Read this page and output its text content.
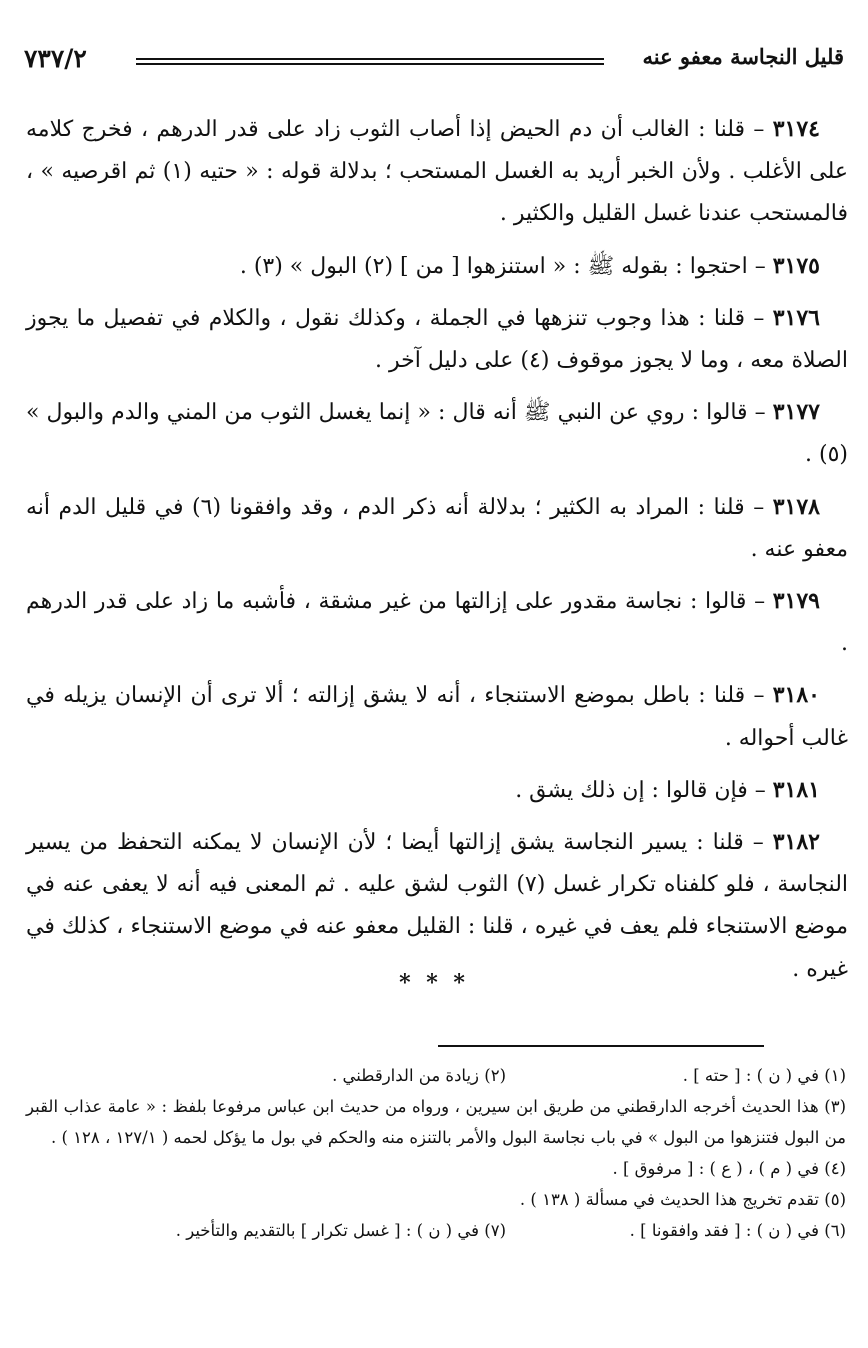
قليل النجاسة معفو عنه
٧٣٧/٢

٣١٧٤ – قلنا : الغالب أن دم الحيض إذا أصاب الثوب زاد على قدر الدرهم ، فخرج كلامه على الأغلب . ولأن الخبر أريد به الغسل المستحب ؛ بدلالة قوله : « حتيه (١) ثم اقرصيه » ، فالمستحب عندنا غسل القليل والكثير .

٣١٧٥ – احتجوا : بقوله ﷺ : « استنزهوا [ من ] (٢) البول » (٣) .

٣١٧٦ – قلنا : هذا وجوب تنزهها في الجملة ، وكذلك نقول ، والكلام في تفصيل ما يجوز الصلاة معه ، وما لا يجوز موقوف (٤) على دليل آخر .

٣١٧٧ – قالوا : روي عن النبي ﷺ أنه قال : « إنما يغسل الثوب من المني والدم والبول » (٥) .

٣١٧٨ – قلنا : المراد به الكثير ؛ بدلالة أنه ذكر الدم ، وقد وافقونا (٦) في قليل الدم أنه معفو عنه .

٣١٧٩ – قالوا : نجاسة مقدور على إزالتها من غير مشقة ، فأشبه ما زاد على قدر الدرهم .

٣١٨٠ – قلنا : باطل بموضع الاستنجاء ، أنه لا يشق إزالته ؛ ألا ترى أن الإنسان يزيله في غالب أحواله .

٣١٨١ – فإن قالوا : إن ذلك يشق .

٣١٨٢ – قلنا : يسير النجاسة يشق إزالتها أيضا ؛ لأن الإنسان لا يمكنه التحفظ من يسير النجاسة ، فلو كلفناه تكرار غسل (٧) الثوب لشق عليه . ثم المعنى فيه أنه لا يعفى عنه في موضع الاستنجاء فلم يعف في غيره ، قلنا : القليل معفو عنه في موضع الاستنجاء ، كذلك في غيره .

* * *
(١) في ( ن ) : [ حته ] .
(٢) زيادة من الدارقطني .
(٣) هذا الحديث أخرجه الدارقطني من طريق ابن سيرين ، ورواه من حديث ابن عباس مرفوعا بلفظ : « عامة عذاب القبر من البول فتنزهوا من البول » في باب نجاسة البول والأمر بالتنزه منه والحكم في بول ما يؤكل لحمه ( ١٢٧/١ ، ١٢٨ ) .
(٤) في ( م ) ، ( ع ) : [ مرفوق ] .
(٥) تقدم تخريج هذا الحديث في مسألة ( ١٣٨ ) .
(٦) في ( ن ) : [ فقد وافقونا ] .
(٧) في ( ن ) : [ غسل تكرار ] بالتقديم والتأخير .
